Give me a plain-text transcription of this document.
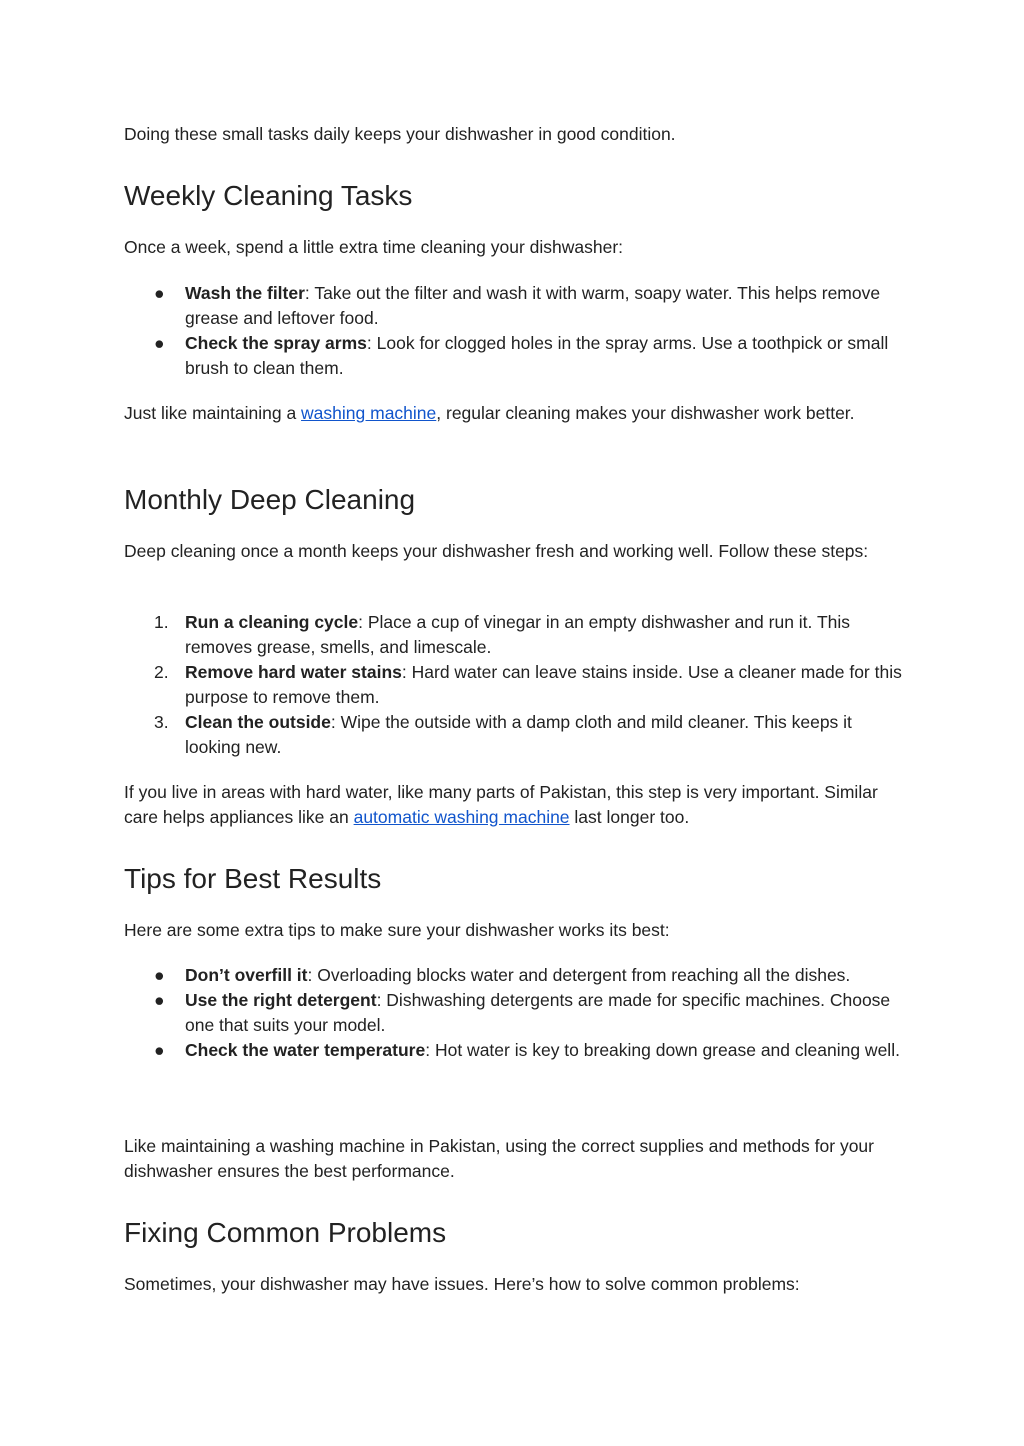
Doing these small tasks daily keeps your dishwasher in good condition.

Weekly Cleaning Tasks

Once a week, spend a little extra time cleaning your dishwasher:

● Wash the filter: Take out the filter and wash it with warm, soapy water. This helps remove grease and leftover food.
● Check the spray arms: Look for clogged holes in the spray arms. Use a toothpick or small brush to clean them.

Just like maintaining a washing machine, regular cleaning makes your dishwasher work better.

Monthly Deep Cleaning

Deep cleaning once a month keeps your dishwasher fresh and working well. Follow these steps:

1. Run a cleaning cycle: Place a cup of vinegar in an empty dishwasher and run it. This removes grease, smells, and limescale.
2. Remove hard water stains: Hard water can leave stains inside. Use a cleaner made for this purpose to remove them.
3. Clean the outside: Wipe the outside with a damp cloth and mild cleaner. This keeps it looking new.

If you live in areas with hard water, like many parts of Pakistan, this step is very important. Similar care helps appliances like an automatic washing machine last longer too.

Tips for Best Results

Here are some extra tips to make sure your dishwasher works its best:

● Don’t overfill it: Overloading blocks water and detergent from reaching all the dishes.
● Use the right detergent: Dishwashing detergents are made for specific machines. Choose one that suits your model.
● Check the water temperature: Hot water is key to breaking down grease and cleaning well.

Like maintaining a washing machine in Pakistan, using the correct supplies and methods for your dishwasher ensures the best performance.

Fixing Common Problems

Sometimes, your dishwasher may have issues. Here’s how to solve common problems:
